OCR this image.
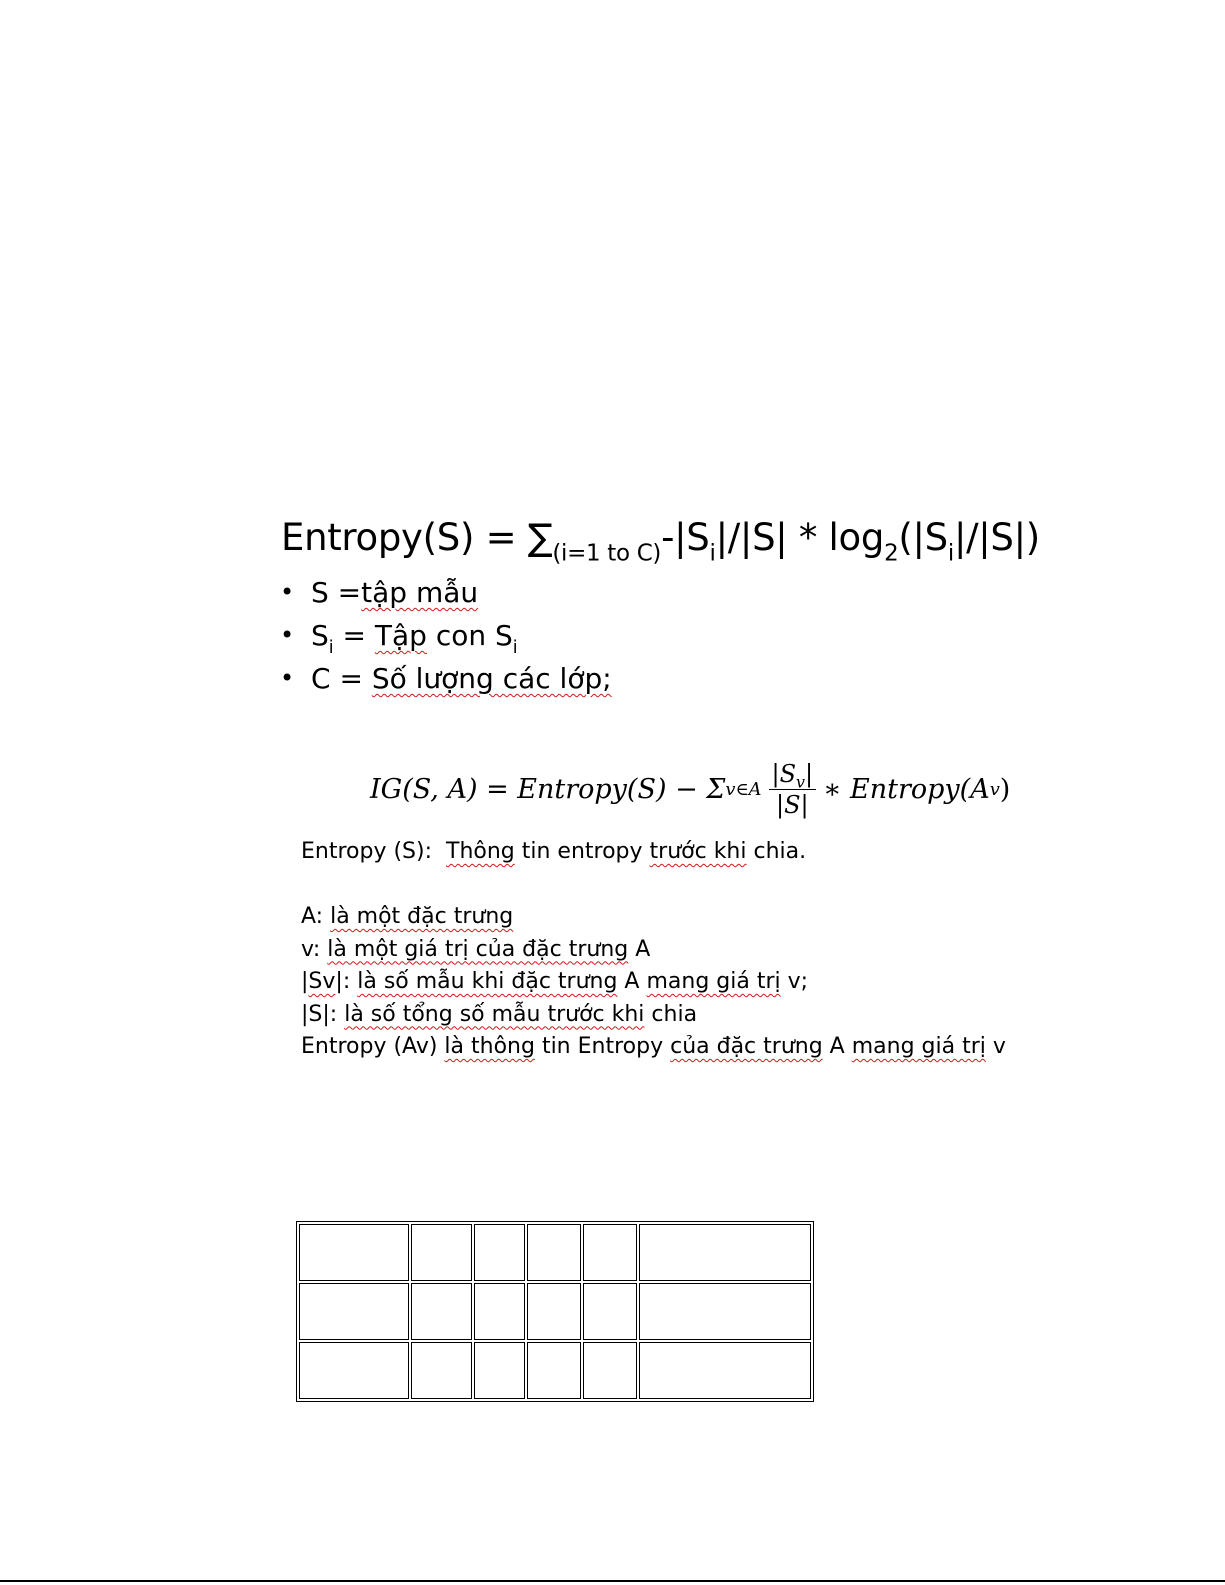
Entropy(S) = $\sum_{(i=1 to C)}-|S_i|/|S| * \log_2(|S_i|/|S|)$
• S =tập mẫu
• $S_i$ = Tập con $S_i$
• C = Số lượng các lớp;
IG(S, A) = Entropy(S) − Σ v∈A $\frac{|S_v|}{|S|}$ ∗ Entropy(A v )
Entropy (S):  Thông tin entropy trước khi chia.
A: là một đặc trưng
v: là một giá trị của đặc trưng A
|Sv|: là số mẫu khi đặc trưng A mang giá trị v;
|S|: là số tổng số mẫu trước khi chia
Entropy (Av) là thông tin Entropy của đặc trưng A mang giá trị v
